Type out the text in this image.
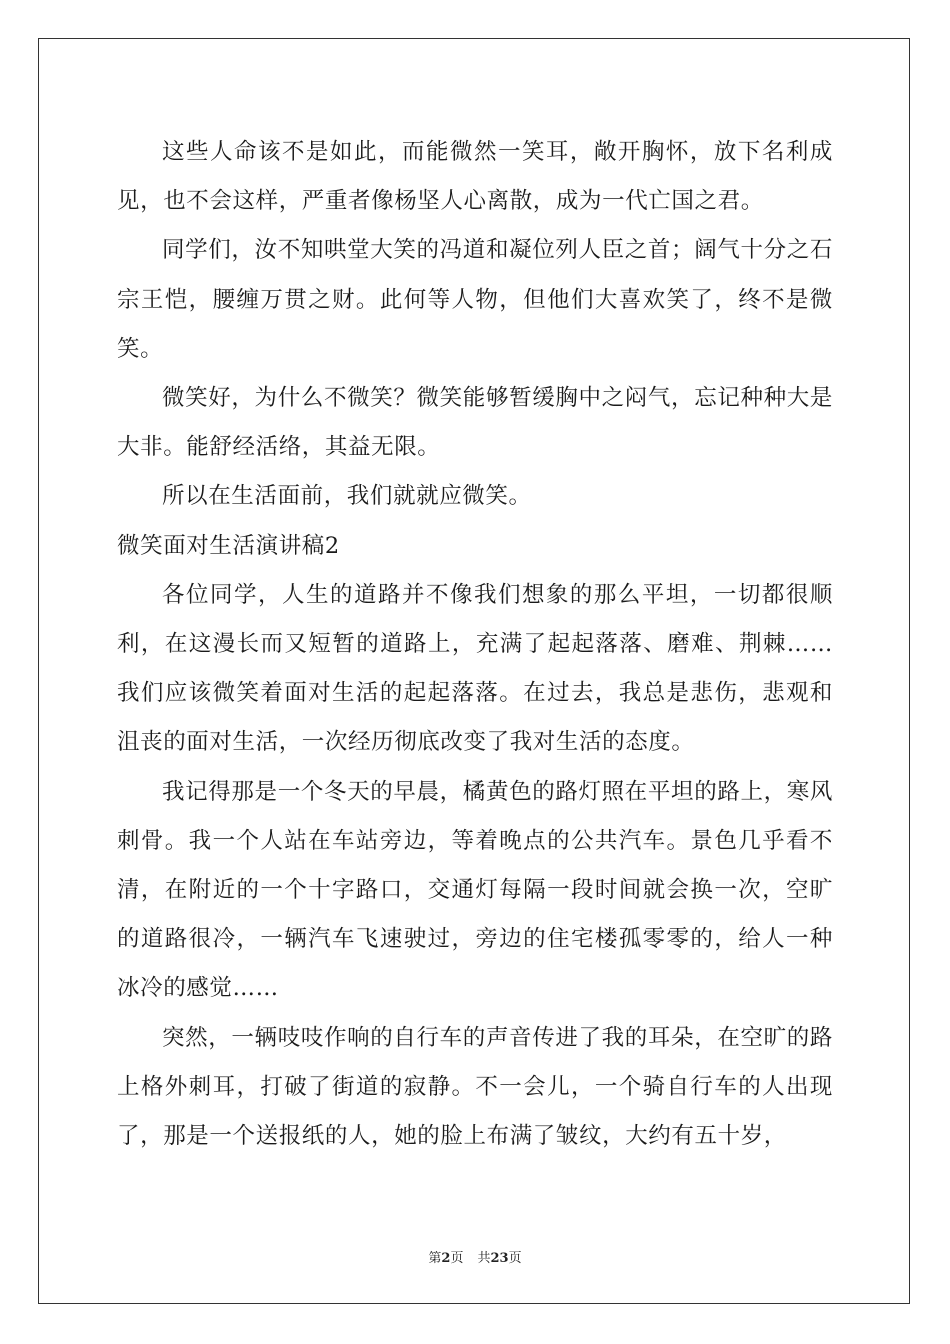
这些人命该不是如此，而能微然一笑耳，敞开胸怀，放下名利成见，也不会这样，严重者像杨坚人心离散，成为一代亡国之君。

同学们，汝不知哄堂大笑的冯道和凝位列人臣之首；阔气十分之石宗王恺，腰缠万贯之财。此何等人物，但他们大喜欢笑了，终不是微笑。

微笑好，为什么不微笑？微笑能够暂缓胸中之闷气，忘记种种大是大非。能舒经活络，其益无限。

所以在生活面前，我们就就应微笑。

微笑面对生活演讲稿2

各位同学，人生的道路并不像我们想象的那么平坦，一切都很顺利，在这漫长而又短暂的道路上，充满了起起落落、磨难、荆棘……我们应该微笑着面对生活的起起落落。在过去，我总是悲伤，悲观和沮丧的面对生活，一次经历彻底改变了我对生活的态度。

我记得那是一个冬天的早晨，橘黄色的路灯照在平坦的路上，寒风刺骨。我一个人站在车站旁边，等着晚点的公共汽车。景色几乎看不清，在附近的一个十字路口，交通灯每隔一段时间就会换一次，空旷的道路很冷，一辆汽车飞速驶过，旁边的住宅楼孤零零的，给人一种冰冷的感觉……

突然，一辆吱吱作响的自行车的声音传进了我的耳朵，在空旷的路上格外刺耳，打破了街道的寂静。不一会儿，一个骑自行车的人出现了，那是一个送报纸的人，她的脸上布满了皱纹，大约有五十岁，

第2页 共23页
